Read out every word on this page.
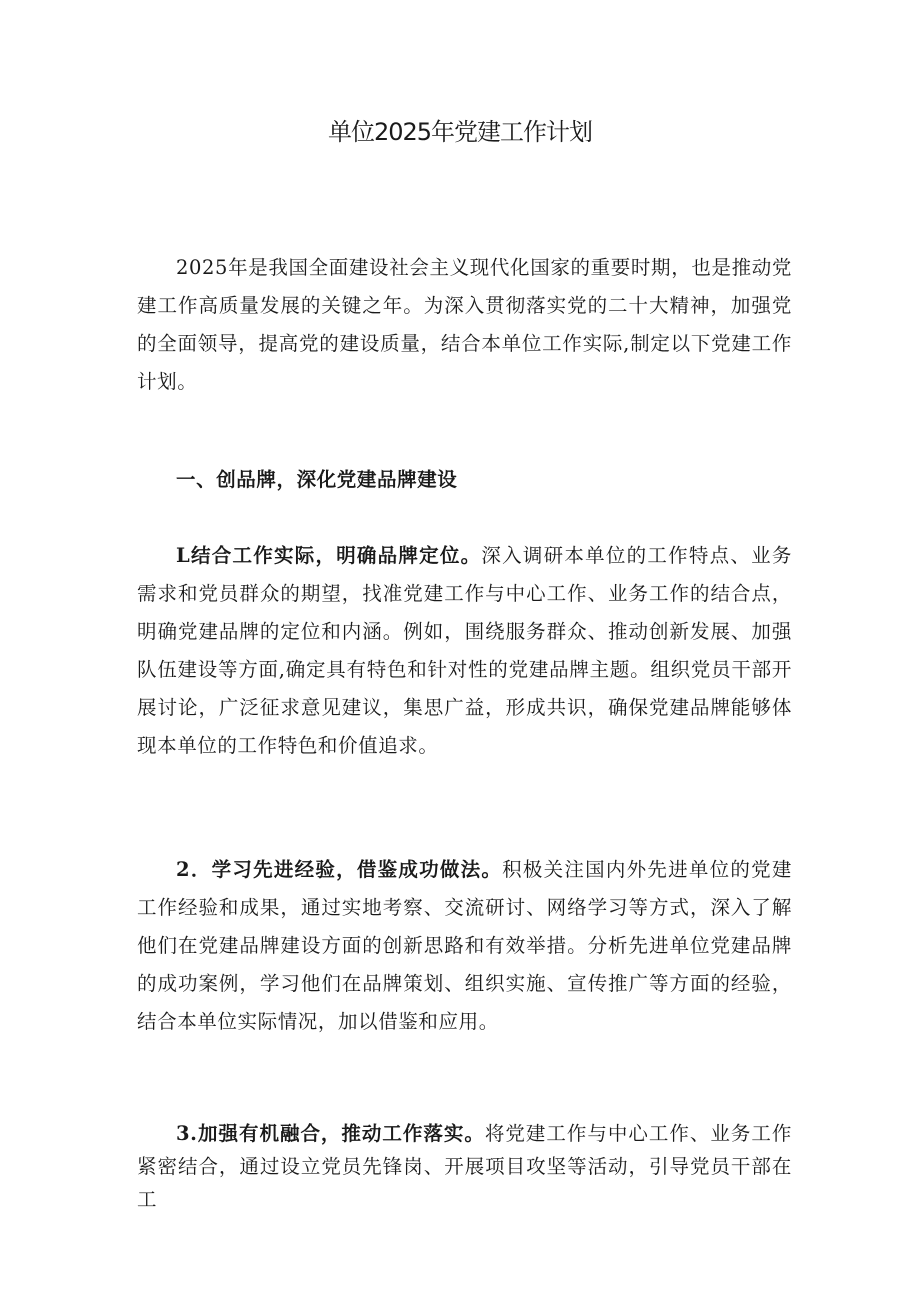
单位2025年党建工作计划

2025年是我国全面建设社会主义现代化国家的重要时期，也是推动党建工作高质量发展的关键之年。为深入贯彻落实党的二十大精神，加强党的全面领导，提高党的建设质量，结合本单位工作实际,制定以下党建工作计划。

一、创品牌，深化党建品牌建设

L结合工作实际，明确品牌定位。深入调研本单位的工作特点、业务需求和党员群众的期望，找准党建工作与中心工作、业务工作的结合点，明确党建品牌的定位和内涵。例如，围绕服务群众、推动创新发展、加强队伍建设等方面,确定具有特色和针对性的党建品牌主题。组织党员干部开展讨论，广泛征求意见建议，集思广益，形成共识，确保党建品牌能够体现本单位的工作特色和价值追求。

2．学习先进经验，借鉴成功做法。积极关注国内外先进单位的党建工作经验和成果，通过实地考察、交流研讨、网络学习等方式，深入了解他们在党建品牌建设方面的创新思路和有效举措。分析先进单位党建品牌的成功案例，学习他们在品牌策划、组织实施、宣传推广等方面的经验，结合本单位实际情况，加以借鉴和应用。

3.加强有机融合，推动工作落实。将党建工作与中心工作、业务工作紧密结合，通过设立党员先锋岗、开展项目攻坚等活动，引导党员干部在工
